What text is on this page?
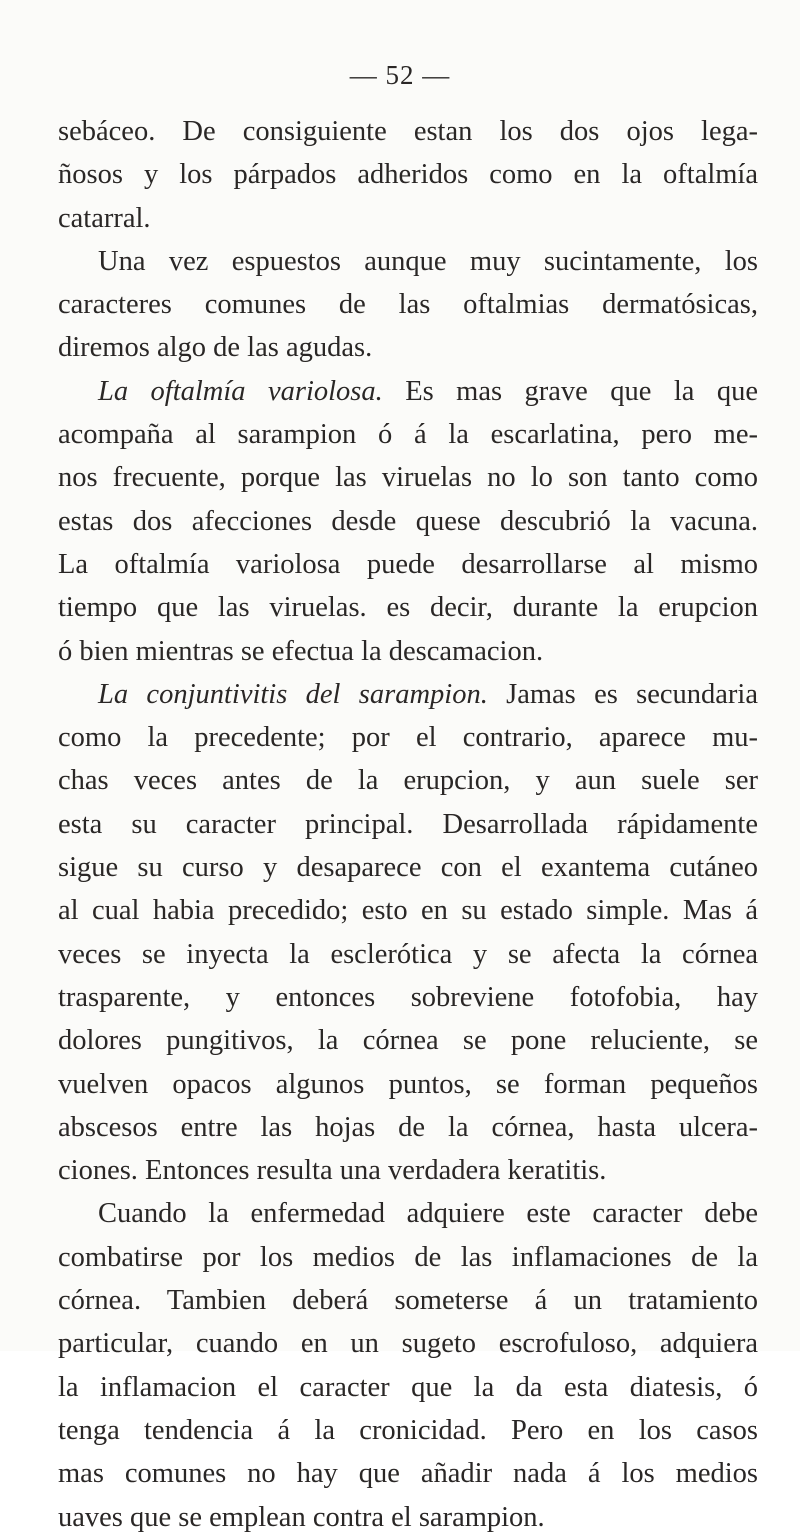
— 52 —
sebáceo. De consiguiente estan los dos ojos lega-
ñosos y los párpados adheridos como en la oftalmía
catarral.
Una vez espuestos aunque muy sucintamente, los
caracteres comunes de las oftalmias dermatósicas,
diremos algo de las agudas.
La oftalmía variolosa. Es mas grave que la que
acompaña al sarampion ó á la escarlatina, pero me-
nos frecuente, porque las viruelas no lo son tanto como
estas dos afecciones desde quese descubrió la vacuna.
La oftalmía variolosa puede desarrollarse al mismo
tiempo que las viruelas. es decir, durante la erupcion
ó bien mientras se efectua la descamacion.
La conjuntivitis del sarampion. Jamas es secundaria
como la precedente; por el contrario, aparece mu-
chas veces antes de la erupcion, y aun suele ser
esta su caracter principal. Desarrollada rápidamente
sigue su curso y desaparece con el exantema cutáneo
al cual habia precedido; esto en su estado simple. Mas á
veces se inyecta la esclerótica y se afecta la córnea
trasparente, y entonces sobreviene fotofobia, hay
dolores pungitivos, la córnea se pone reluciente, se
vuelven opacos algunos puntos, se forman pequeños
abscesos entre las hojas de la córnea, hasta ulcera-
ciones. Entonces resulta una verdadera keratitis.
Cuando la enfermedad adquiere este caracter debe
combatirse por los medios de las inflamaciones de la
córnea. Tambien deberá someterse á un tratamiento
particular, cuando en un sugeto escrofuloso, adquiera
la inflamacion el caracter que la da esta diatesis, ó
tenga tendencia á la cronicidad. Pero en los casos
mas comunes no hay que añadir nada á los medios
uaves que se emplean contra el sarampion.
